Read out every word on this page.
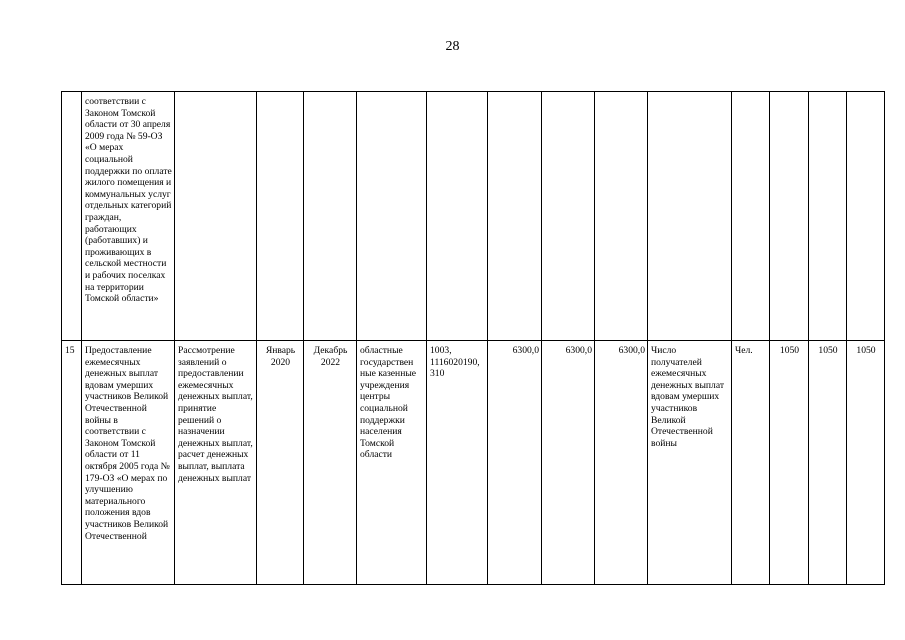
28
	соответствии с Законом Томской области от 30 апреля 2009 года № 59-ОЗ «О мерах социальной поддержки по оплате жилого помещения и коммунальных услуг отдельных категорий граждан, работающих (работавших) и проживающих в сельской местности и рабочих поселках на территории Томской области»													
15	Предоставление ежемесячных денежных выплат вдовам умерших участников Великой Отечественной войны в соответствии с Законом Томской области от 11 октября 2005 года № 179-ОЗ «О мерах по улучшению материального положения вдов участников Великой Отечественной	Рассмотрение заявлений о предоставлении ежемесячных денежных выплат, принятие решений о назначении денежных выплат, расчет денежных выплат, выплата денежных выплат	Январь 2020	Декабрь 2022	областные государствен ные казенные учреждения центры социальной поддержки населения Томской области	1003, 1116020190, 310	6300,0	6300,0	6300,0	Число получателей ежемесячных денежных выплат вдовам умерших участников Великой Отечественной войны	Чел.	1050	1050	1050
